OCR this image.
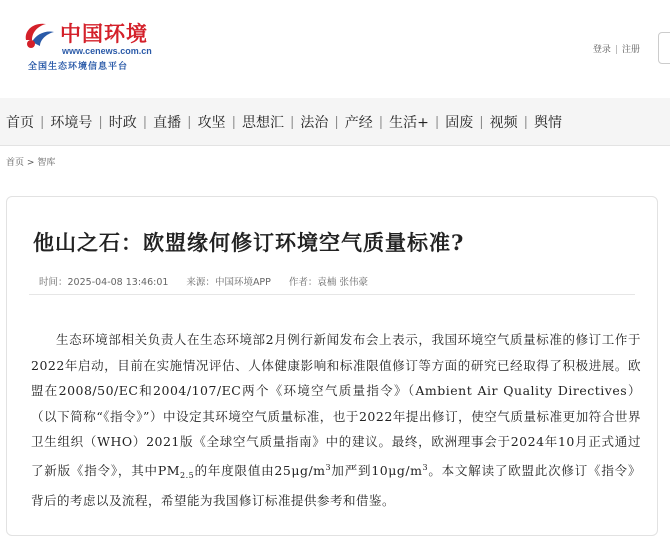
中国环境
www.cenews.com.cn
全国生态环境信息平台
登录 | 注册
首页 | 环境号 | 时政 | 直播 | 攻坚 | 思想汇 | 法治 | 产经 | 生活+ | 固废 | 视频 | 舆情
首页 > 智库
他山之石：欧盟缘何修订环境空气质量标准?
时间：2025-04-08 13:46:01 来源：中国环境APP 作者：袁楠 张伟豪

生态环境部相关负责人在生态环境部2月例行新闻发布会上表示，我国环境空气质量标准的修订工作于2022年启动，目前在实施情况评估、人体健康影响和标准限值修订等方面的研究已经取得了积极进展。欧盟在2008/50/EC和2004/107/EC两个《环境空气质量指令》（Ambient Air Quality Directives）（以下简称“《指令》”）中设定其环境空气质量标准，也于2022年提出修订，使空气质量标准更加符合世界卫生组织（WHO）2021版《全球空气质量指南》中的建议。最终，欧洲理事会于2024年10月正式通过了新版《指令》，其中$PM_{2.5}$的年度限值由$25\mu g/m^3$加严到$10\mu g/m^3$。本文解读了欧盟此次修订《指令》背后的考虑以及流程，希望能为我国修订标准提供参考和借鉴。
